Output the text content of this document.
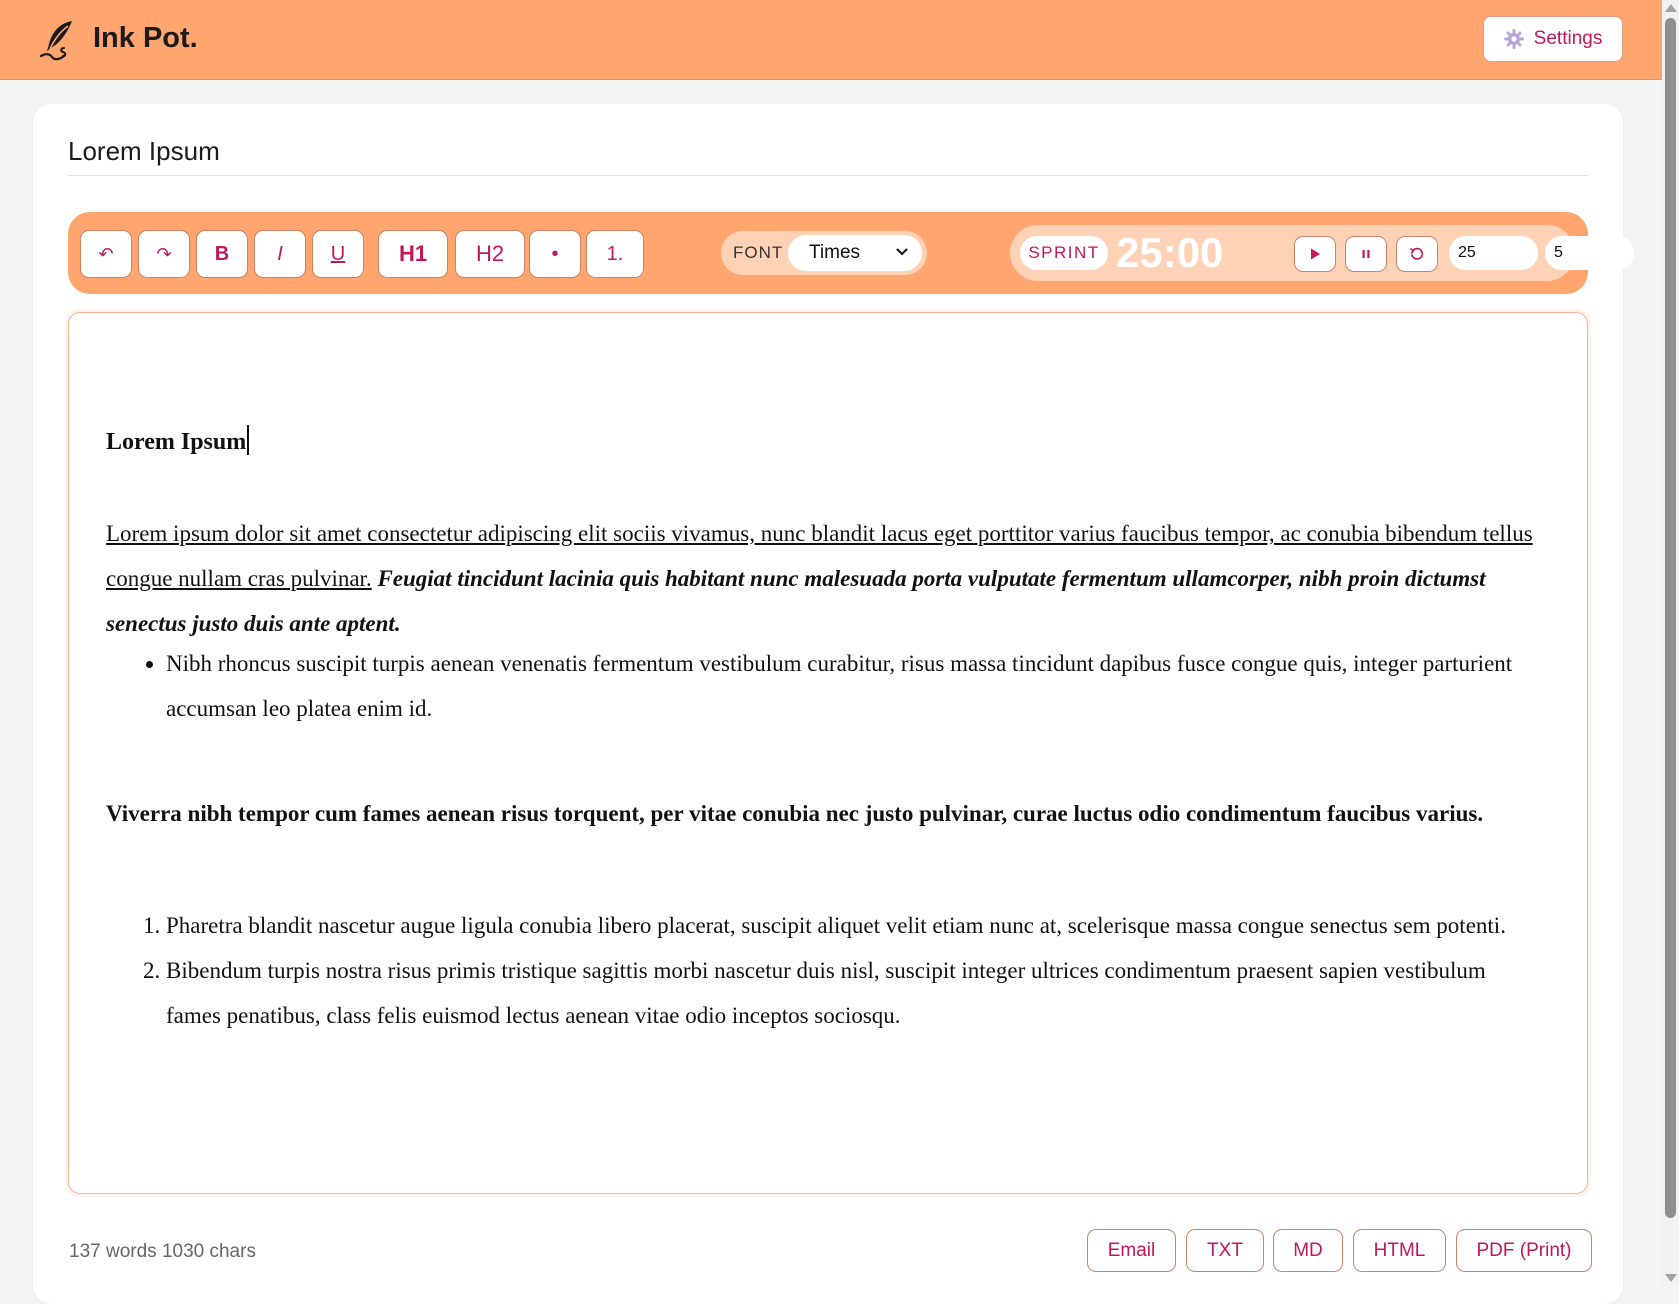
Ink Pot.	Settings
Lorem Ipsum
↶ ↷ B I U H1 H2 • 1.	FONT	Times	SPRINT 25:00	25	5
Lorem Ipsum
Lorem ipsum dolor sit amet consectetur adipiscing elit sociis vivamus, nunc blandit lacus eget porttitor varius faucibus tempor, ac conubia bibendum tellus congue nullam cras pulvinar. Feugiat tincidunt lacinia quis habitant nunc malesuada porta vulputate fermentum ullamcorper, nibh proin dictumst senectus justo duis ante aptent.
• Nibh rhoncus suscipit turpis aenean venenatis fermentum vestibulum curabitur, risus massa tincidunt dapibus fusce congue quis, integer parturient accumsan leo platea enim id.
Viverra nibh tempor cum fames aenean risus torquent, per vitae conubia nec justo pulvinar, curae luctus odio condimentum faucibus varius.
1. Pharetra blandit nascetur augue ligula conubia libero placerat, suscipit aliquet velit etiam nunc at, scelerisque massa congue senectus sem potenti.
2. Bibendum turpis nostra risus primis tristique sagittis morbi nascetur duis nisl, suscipit integer ultrices condimentum praesent sapien vestibulum fames penatibus, class felis euismod lectus aenean vitae odio inceptos sociosqu.
137 words 1030 chars	Email	TXT	MD	HTML	PDF (Print)
